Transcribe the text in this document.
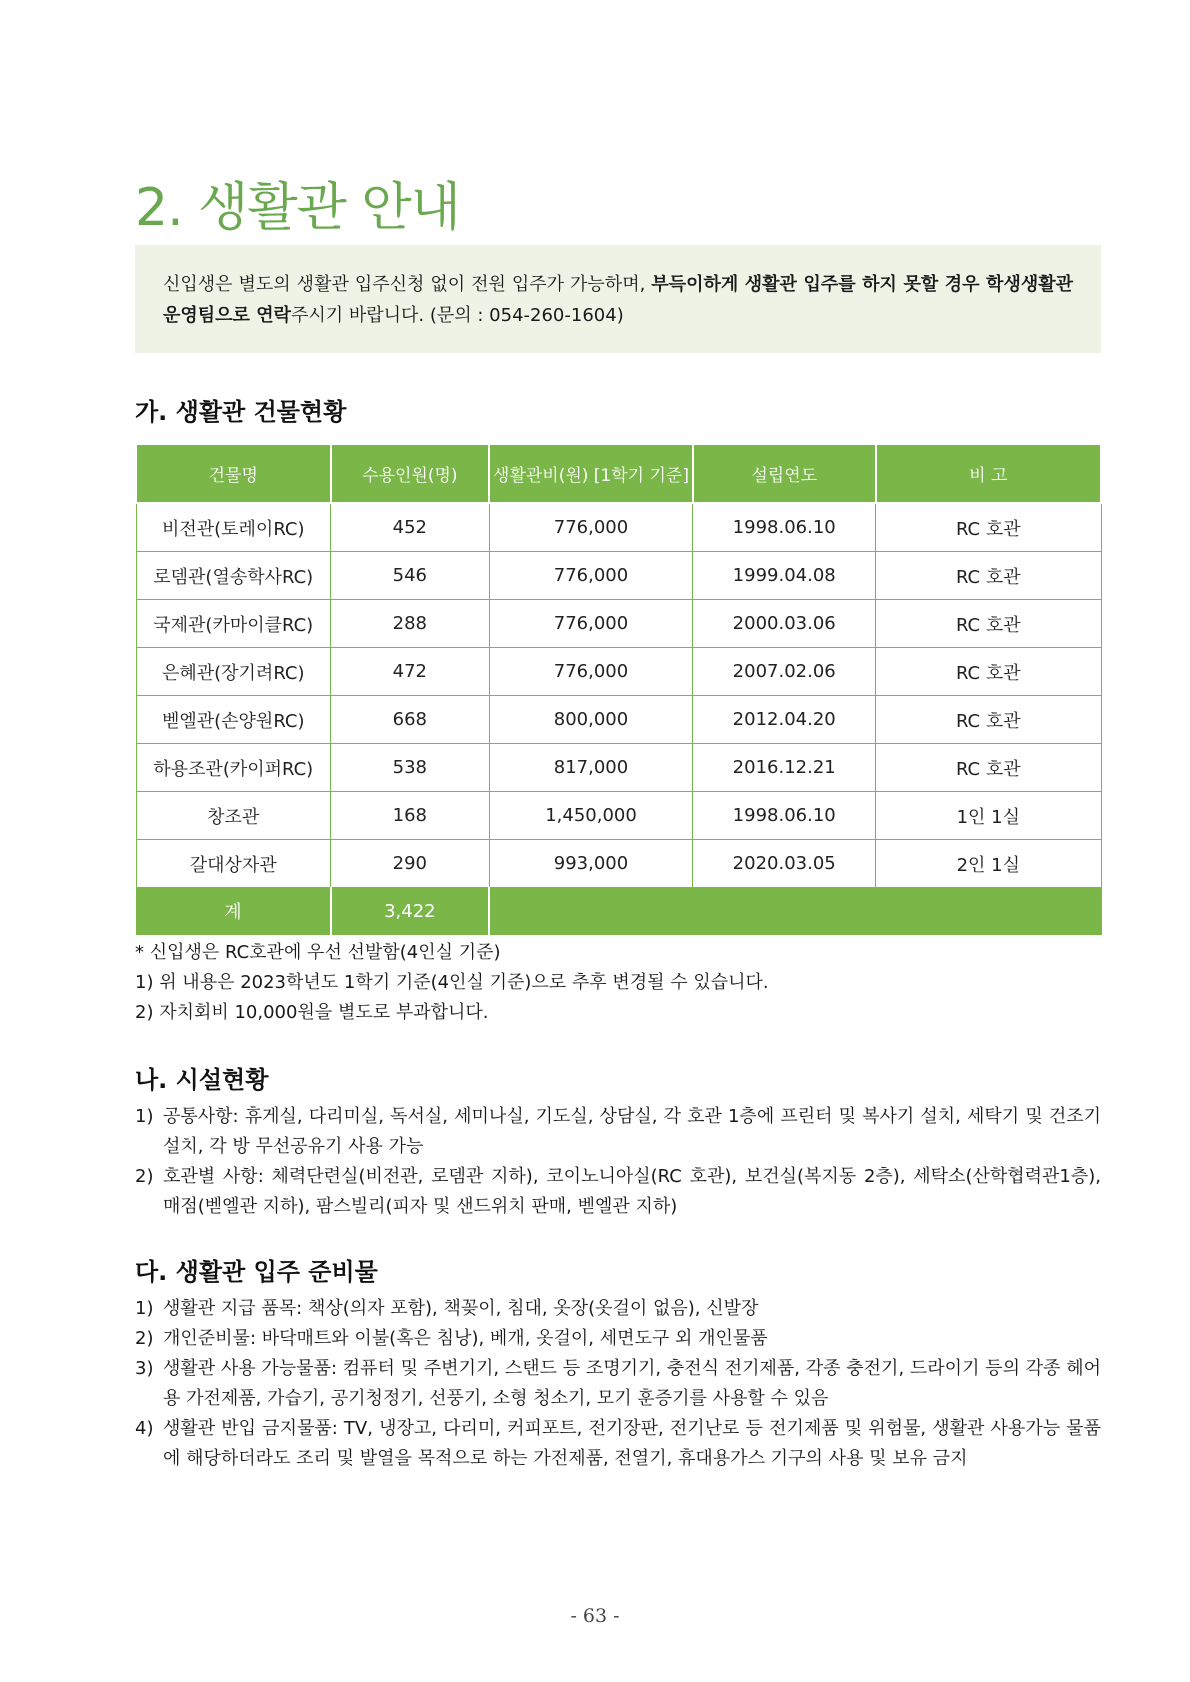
2. 생활관 안내
신입생은 별도의 생활관 입주신청 없이 전원 입주가 가능하며, 부득이하게 생활관 입주를 하지 못할 경우 학생생활관 운영팀으로 연락주시기 바랍니다. (문의 : 054-260-1604)
가. 생활관 건물현황
건물명	수용인원(명)	생활관비(원) [1학기 기준]	설립연도	비 고
비전관(토레이RC)	452	776,000	1998.06.10	RC 호관
로뎀관(열송학사RC)	546	776,000	1999.04.08	RC 호관
국제관(카마이클RC)	288	776,000	2000.03.06	RC 호관
은혜관(장기려RC)	472	776,000	2007.02.06	RC 호관
벧엘관(손양원RC)	668	800,000	2012.04.20	RC 호관
하용조관(카이퍼RC)	538	817,000	2016.12.21	RC 호관
창조관	168	1,450,000	1998.06.10	1인 1실
갈대상자관	290	993,000	2020.03.05	2인 1실
계	3,422			
* 신입생은 RC호관에 우선 선발함(4인실 기준)
1) 위 내용은 2023학년도 1학기 기준(4인실 기준)으로 추후 변경될 수 있습니다.
2) 자치회비 10,000원을 별도로 부과합니다.
나. 시설현황
1) 공통사항: 휴게실, 다리미실, 독서실, 세미나실, 기도실, 상담실, 각 호관 1층에 프린터 및 복사기 설치, 세탁기 및 건조기 설치, 각 방 무선공유기 사용 가능
2) 호관별 사항: 체력단련실(비전관, 로뎀관 지하), 코이노니아실(RC 호관), 보건실(복지동 2층), 세탁소(산학협력관1층), 매점(벧엘관 지하), 팜스빌리(피자 및 샌드위치 판매, 벧엘관 지하)
다. 생활관 입주 준비물
1) 생활관 지급 품목: 책상(의자 포함), 책꽂이, 침대, 옷장(옷걸이 없음), 신발장
2) 개인준비물: 바닥매트와 이불(혹은 침낭), 베개, 옷걸이, 세면도구 외 개인물품
3) 생활관 사용 가능물품: 컴퓨터 및 주변기기, 스탠드 등 조명기기, 충전식 전기제품, 각종 충전기, 드라이기 등의 각종 헤어용 가전제품, 가습기, 공기청정기, 선풍기, 소형 청소기, 모기 훈증기를 사용할 수 있음
4) 생활관 반입 금지물품: TV, 냉장고, 다리미, 커피포트, 전기장판, 전기난로 등 전기제품 및 위험물, 생활관 사용가능 물품에 해당하더라도 조리 및 발열을 목적으로 하는 가전제품, 전열기, 휴대용가스 기구의 사용 및 보유 금지
- 63 -
